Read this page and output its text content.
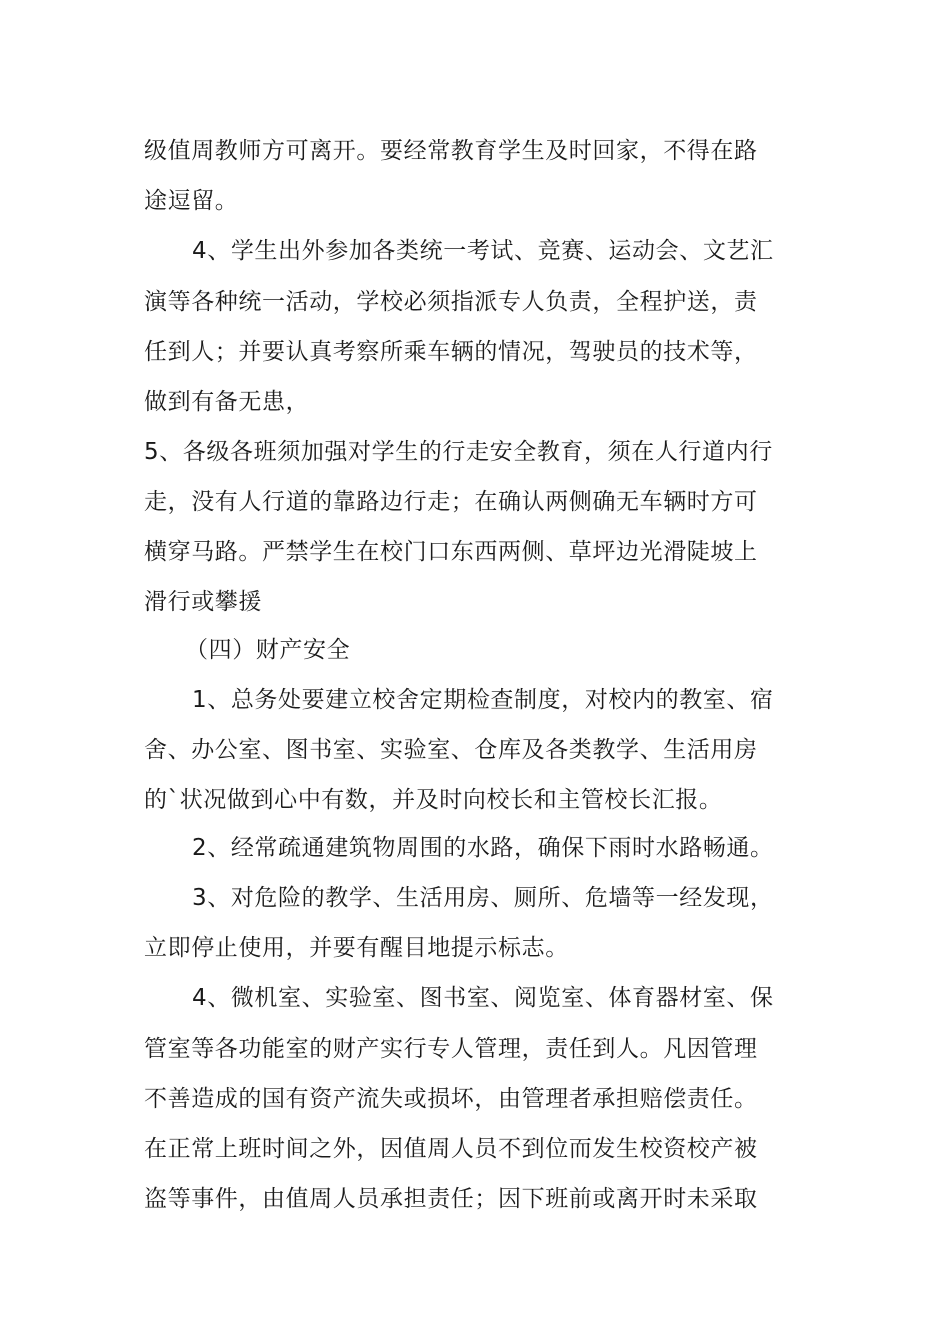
级值周教师方可离开。要经常教育学生及时回家，不得在路
途逗留。
4、学生出外参加各类统一考试、竞赛、运动会、文艺汇
演等各种统一活动，学校必须指派专人负责，全程护送，责
任到人；并要认真考察所乘车辆的情况，驾驶员的技术等，
做到有备无患，
5、各级各班须加强对学生的行走安全教育，须在人行道内行
走，没有人行道的靠路边行走；在确认两侧确无车辆时方可
横穿马路。严禁学生在校门口东西两侧、草坪边光滑陡坡上
滑行或攀援
（四）财产安全
1、总务处要建立校舍定期检查制度，对校内的教室、宿
舍、办公室、图书室、实验室、仓库及各类教学、生活用房
的`状况做到心中有数，并及时向校长和主管校长汇报。
2、经常疏通建筑物周围的水路，确保下雨时水路畅通。
3、对危险的教学、生活用房、厕所、危墙等一经发现，
立即停止使用，并要有醒目地提示标志。
4、微机室、实验室、图书室、阅览室、体育器材室、保
管室等各功能室的财产实行专人管理，责任到人。凡因管理
不善造成的国有资产流失或损坏，由管理者承担赔偿责任。
在正常上班时间之外，因值周人员不到位而发生校资校产被
盗等事件，由值周人员承担责任；因下班前或离开时未采取
